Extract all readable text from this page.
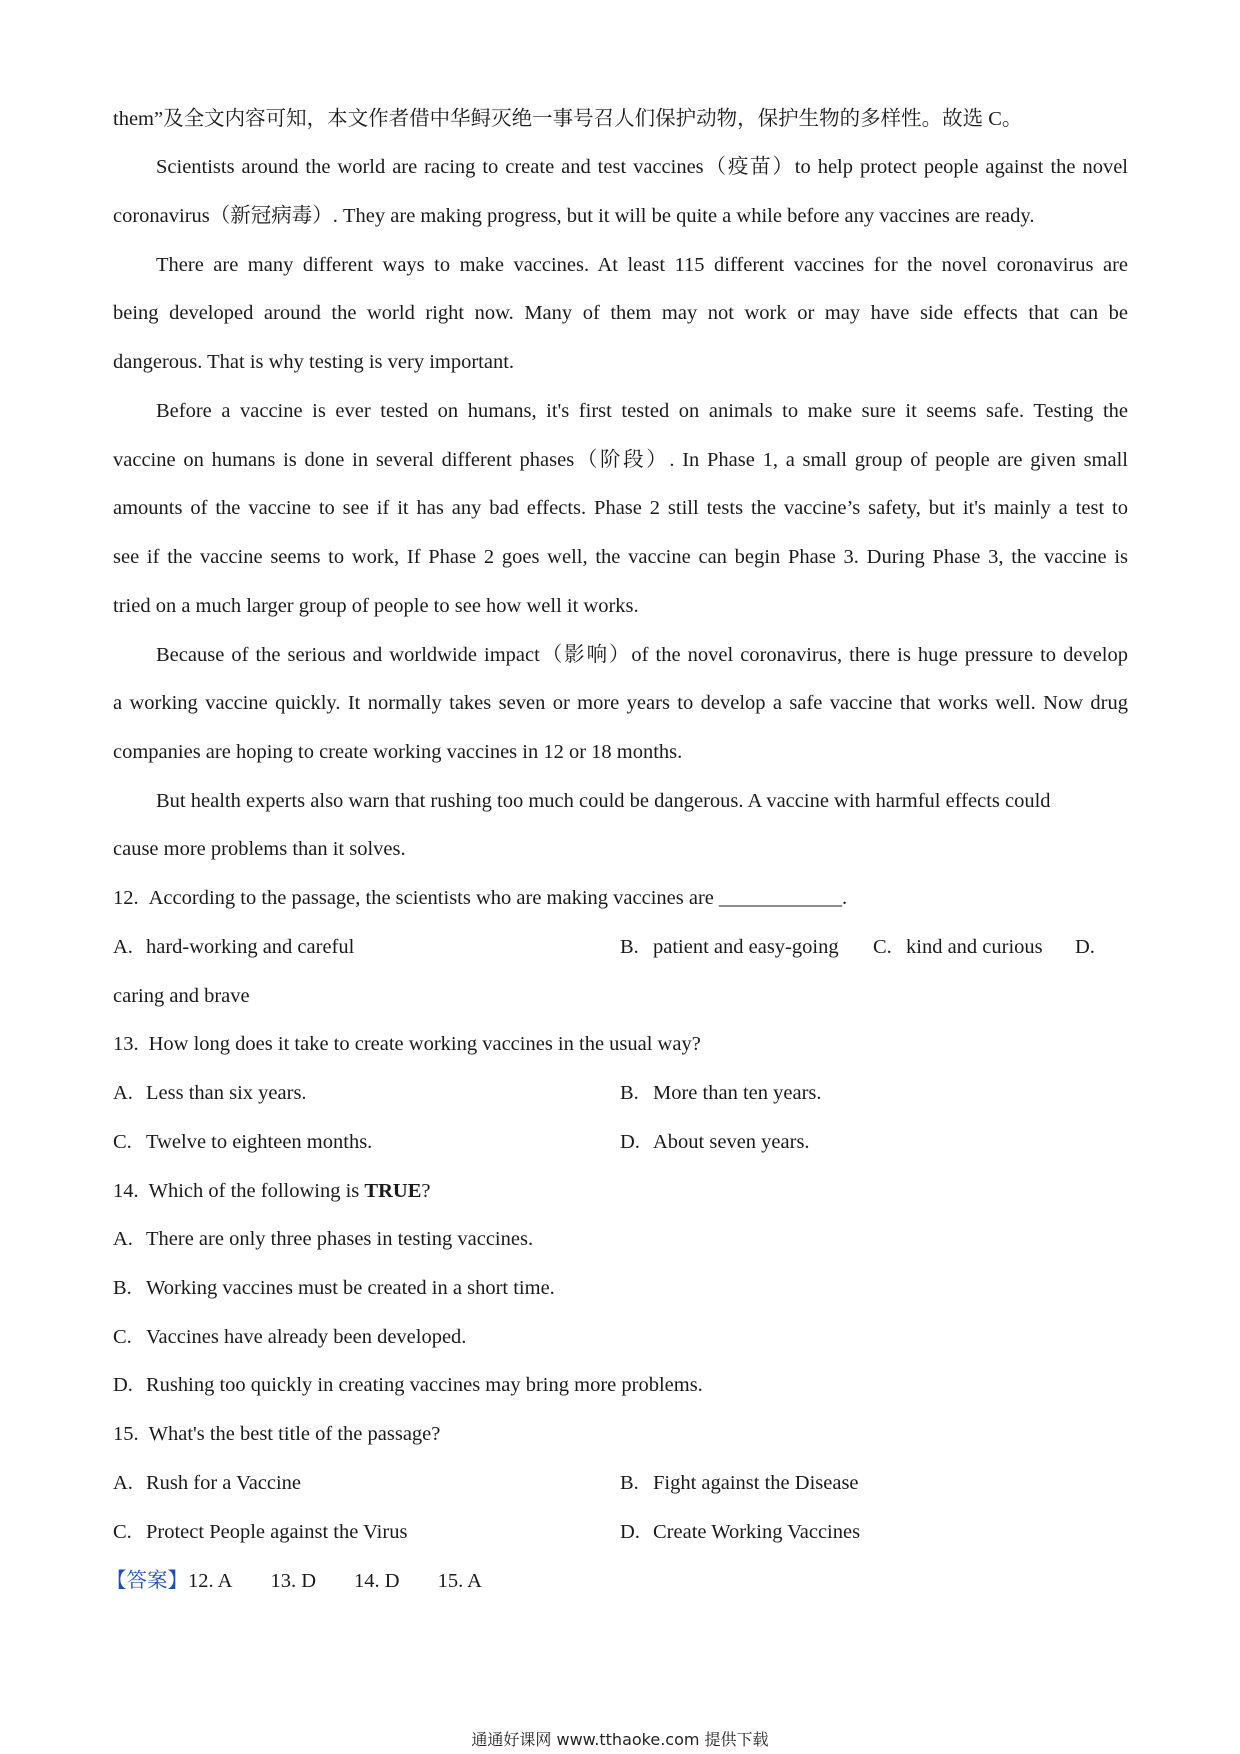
them”及全文内容可知，本文作者借中华鲟灭绝一事号召人们保护动物，保护生物的多样性。故选 C。
Scientists around the world are racing to create and test vaccines（疫苗）to help protect people against the novel
coronavirus（新冠病毒）. They are making progress, but it will be quite a while before any vaccines are ready.
There are many different ways to make vaccines. At least 115 different vaccines for the novel coronavirus are
being developed around the world right now. Many of them may not work or may have side effects that can be
dangerous. That is why testing is very important.
Before a vaccine is ever tested on humans, it's first tested on animals to make sure it seems safe. Testing the
vaccine on humans is done in several different phases（阶段）. In Phase 1, a small group of people are given small
amounts of the vaccine to see if it has any bad effects. Phase 2 still tests the vaccine’s safety, but it's mainly a test to
see if the vaccine seems to work, If Phase 2 goes well, the vaccine can begin Phase 3. During Phase 3, the vaccine is
tried on a much larger group of people to see how well it works.
Because of the serious and worldwide impact（影响）of the novel coronavirus, there is huge pressure to develop
a working vaccine quickly. It normally takes seven or more years to develop a safe vaccine that works well. Now drug
companies are hoping to create working vaccines in 12 or 18 months.
But health experts also warn that rushing too much could be dangerous. A vaccine with harmful effects could
cause more problems than it solves.
12. According to the passage, the scientists who are making vaccines are ____________.
A. hard-working and careful	B. patient and easy-going C. kind and curious D.
caring and brave
13. How long does it take to create working vaccines in the usual way?
A. Less than six years.	B. More than ten years.
C. Twelve to eighteen months.	D. About seven years.
14. Which of the following is TRUE?
A. There are only three phases in testing vaccines.
B. Working vaccines must be created in a short time.
C. Vaccines have already been developed.
D. Rushing too quickly in creating vaccines may bring more problems.
15. What's the best title of the passage?
A. Rush for a Vaccine	B. Fight against the Disease
C. Protect People against the Virus	D. Create Working Vaccines
【答案】12. A 13. D 14. D 15. A
通通好课网 www.tthaoke.com 提供下载
